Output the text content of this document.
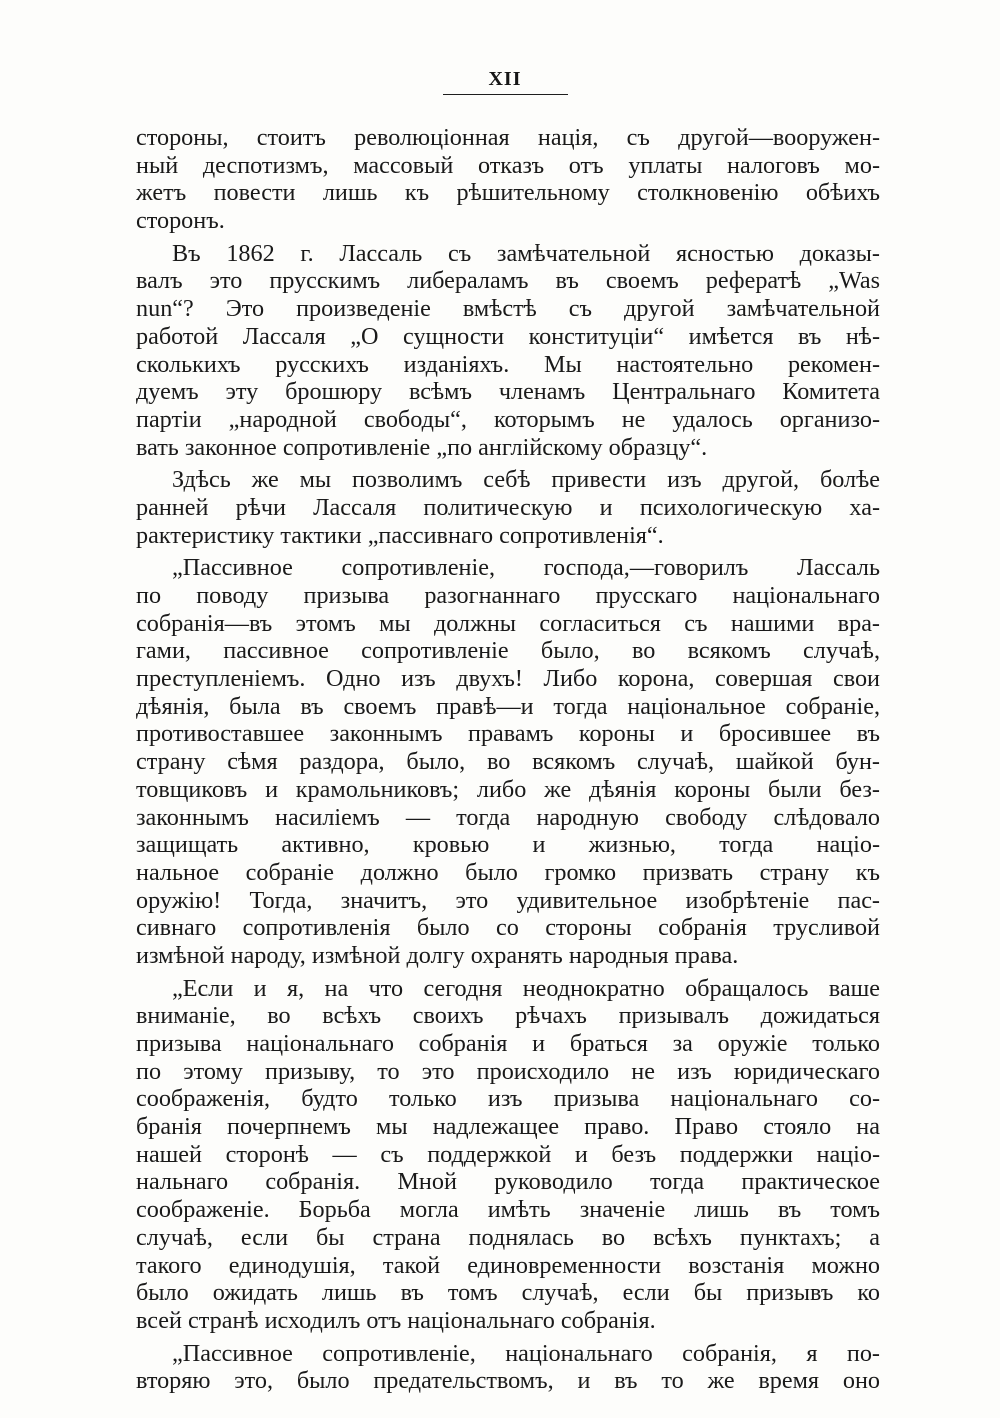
XII
стороны, стоитъ революціонная нація, съ другой—вооружен-
ный деспотизмъ, массовый отказъ отъ уплаты налоговъ мо-
жетъ повести лишь къ рѣшительному столкновенію обѣихъ
сторонъ.
Въ 1862 г. Лассаль съ замѣчательной ясностью доказы-
валъ это прусскимъ либераламъ въ своемъ рефератѣ „Was
nun“? Это произведеніе вмѣстѣ съ другой замѣчательной
работой Лассаля „О сущности конституціи“ имѣется въ нѣ-
сколькихъ русскихъ изданіяхъ. Мы настоятельно рекомен-
дуемъ эту брошюру всѣмъ членамъ Центральнаго Комитета
партіи „народной свободы“, которымъ не удалось организо-
вать законное сопротивленіе „по англійскому образцу“.
Здѣсь же мы позволимъ себѣ привести изъ другой, болѣе
ранней рѣчи Лассаля политическую и психологическую ха-
рактеристику тактики „пассивнаго сопротивленія“.
„Пассивное сопротивленіе, господа,—говорилъ Лассаль
по поводу призыва разогнаннаго прусскаго національнаго
собранія—въ этомъ мы должны согласиться съ нашими вра-
гами, пассивное сопротивленіе было, во всякомъ случаѣ,
преступленіемъ. Одно изъ двухъ! Либо корона, совершая свои
дѣянія, была въ своемъ правѣ—и тогда національное собраніе,
противоставшее законнымъ правамъ короны и бросившее въ
страну сѣмя раздора, было, во всякомъ случаѣ, шайкой бун-
товщиковъ и крамольниковъ; либо же дѣянія короны были без-
законнымъ насиліемъ — тогда народную свободу слѣдовало
защищать активно, кровью и жизнью, тогда націо-
нальное собраніе должно было громко призвать страну къ
оружію! Тогда, значитъ, это удивительное изобрѣтеніе пас-
сивнаго сопротивленія было со стороны собранія трусливой
измѣной народу, измѣной долгу охранять народныя права.
„Если и я, на что сегодня неоднократно обращалось ваше
вниманіе, во всѣхъ своихъ рѣчахъ призывалъ дожидаться
призыва національнаго собранія и браться за оружіе только
по этому призыву, то это происходило не изъ юридическаго
соображенія, будто только изъ призыва національнаго со-
бранія почерпнемъ мы надлежащее право. Право стояло на
нашей сторонѣ — съ поддержкой и безъ поддержки націо-
нальнаго собранія. Мной руководило тогда практическое
соображеніе. Борьба могла имѣть значеніе лишь въ томъ
случаѣ, если бы страна поднялась во всѣхъ пунктахъ; а
такого единодушія, такой единовременности возстанія можно
было ожидать лишь въ томъ случаѣ, если бы призывъ ко
всей странѣ исходилъ отъ національнаго собранія.
„Пассивное сопротивленіе, національнаго собранія, я по-
вторяю это, было предательствомъ, и въ то же время оно
